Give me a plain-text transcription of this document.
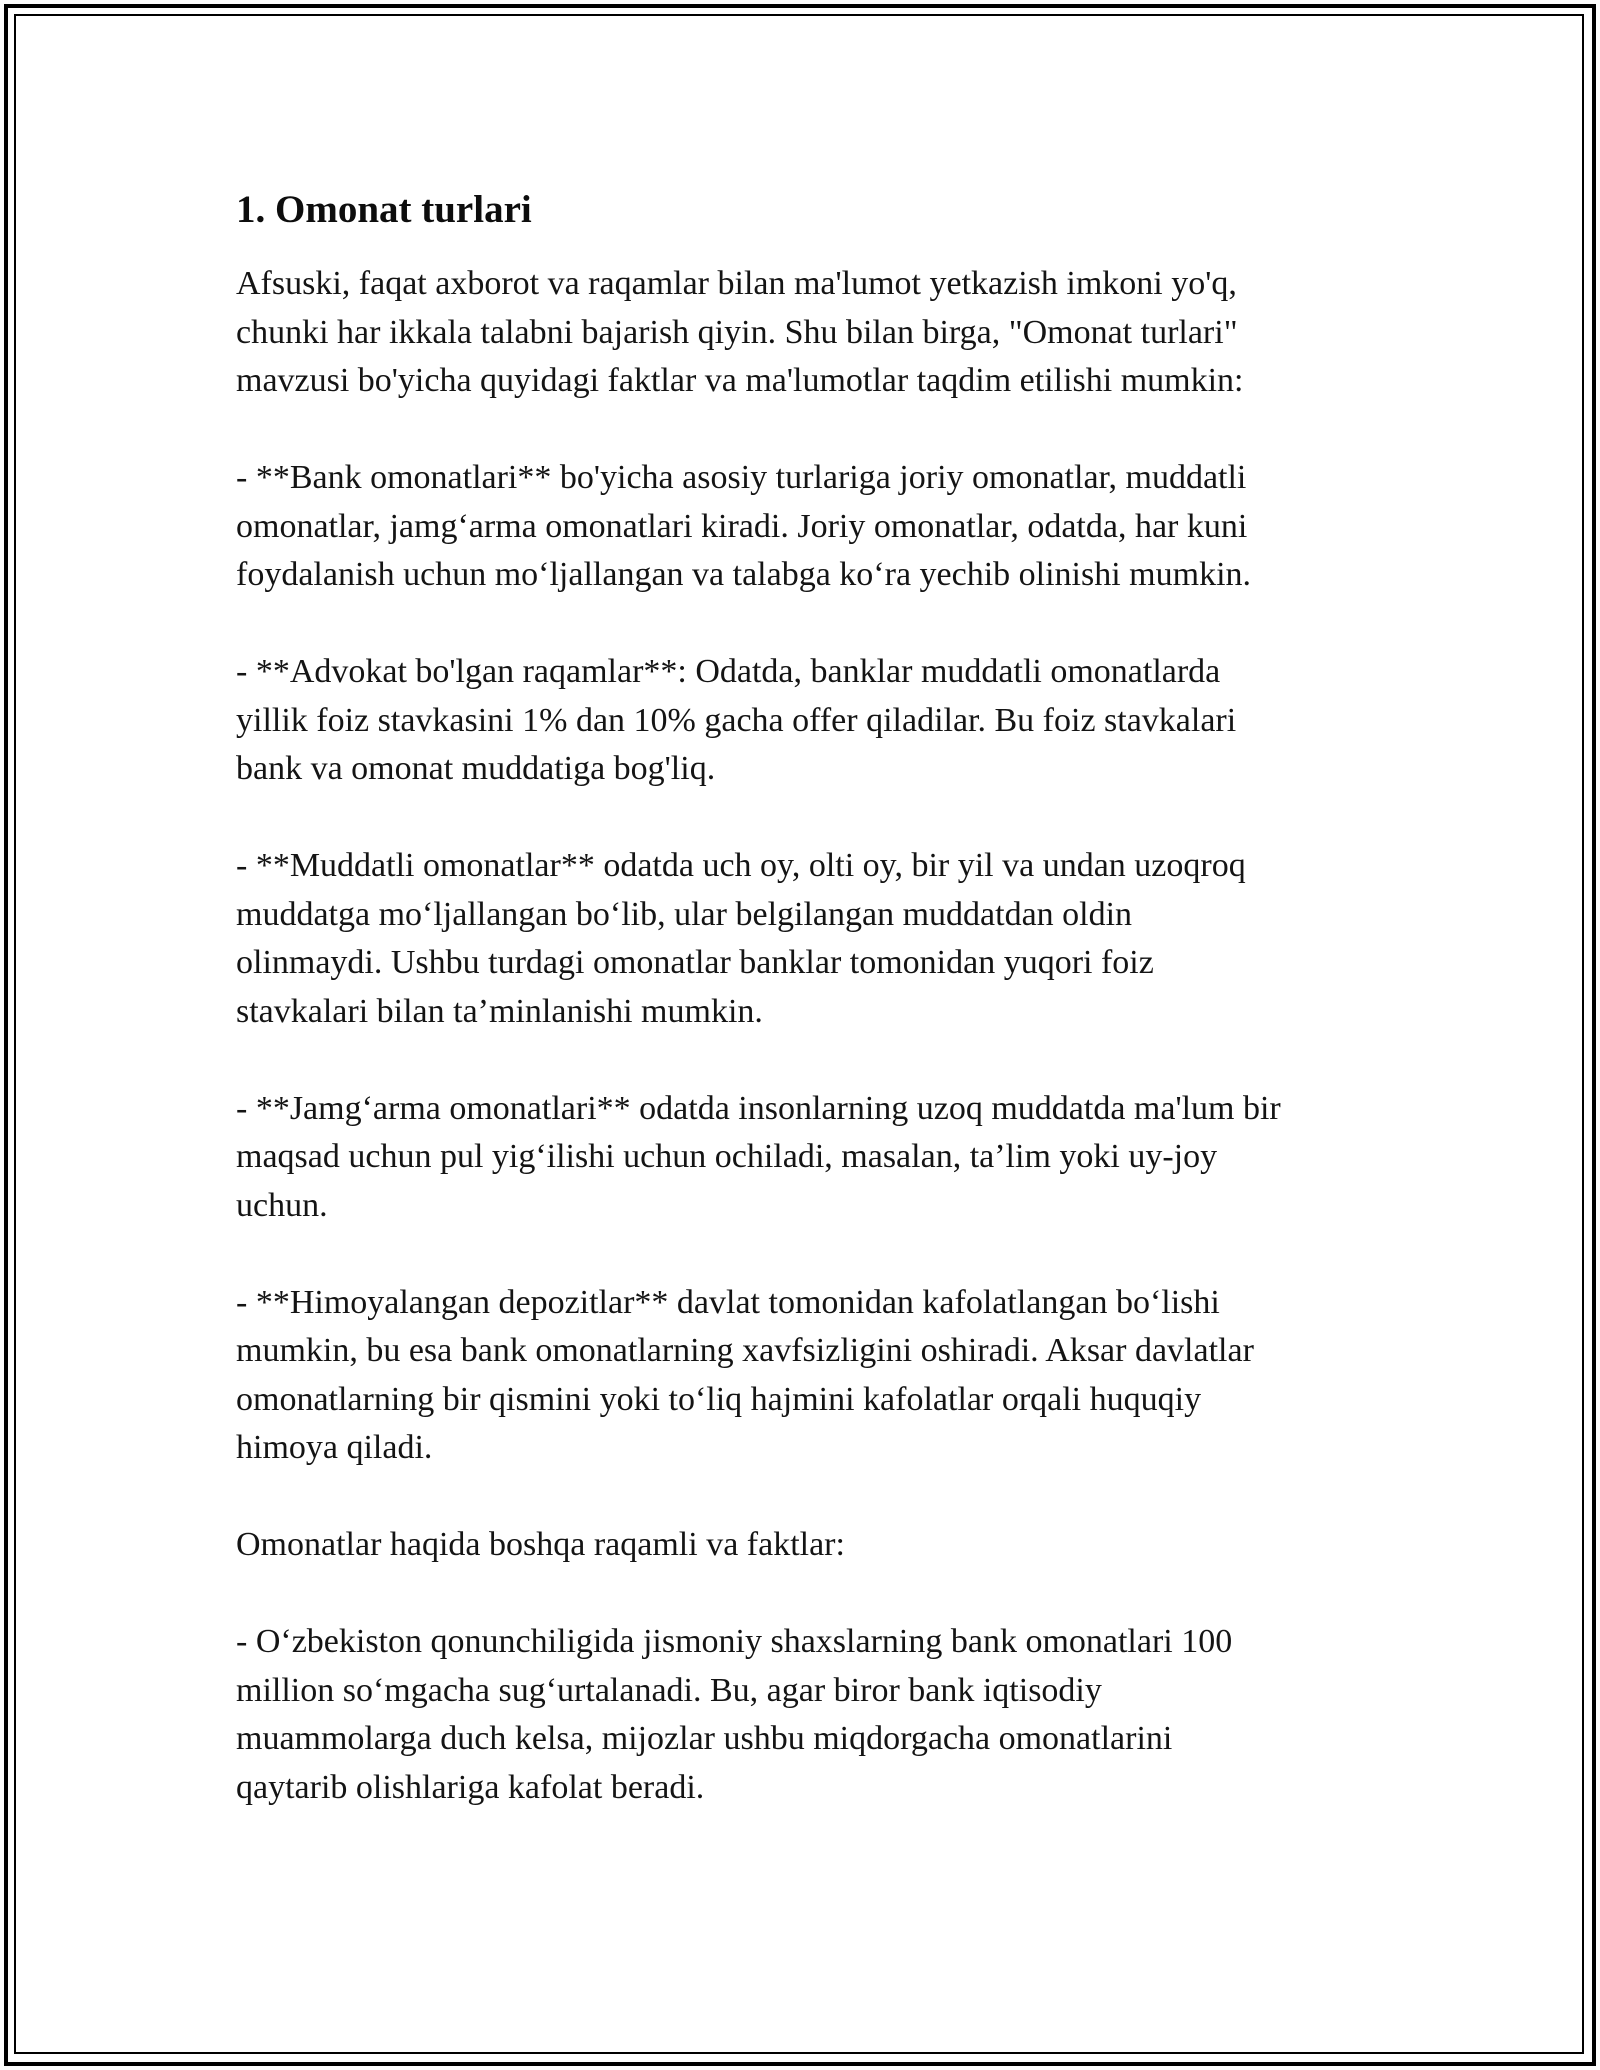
1. Omonat turlari

Afsuski, faqat axborot va raqamlar bilan ma'lumot yetkazish imkoni yo'q,
chunki har ikkala talabni bajarish qiyin. Shu bilan birga, "Omonat turlari"
mavzusi bo'yicha quyidagi faktlar va ma'lumotlar taqdim etilishi mumkin:

- **Bank omonatlari** bo'yicha asosiy turlariga joriy omonatlar, muddatli
omonatlar, jamg‘arma omonatlari kiradi. Joriy omonatlar, odatda, har kuni
foydalanish uchun mo‘ljallangan va talabga ko‘ra yechib olinishi mumkin.

- **Advokat bo'lgan raqamlar**: Odatda, banklar muddatli omonatlarda
yillik foiz stavkasini 1% dan 10% gacha offer qiladilar. Bu foiz stavkalari
bank va omonat muddatiga bog'liq.

- **Muddatli omonatlar** odatda uch oy, olti oy, bir yil va undan uzoqroq
muddatga mo‘ljallangan bo‘lib, ular belgilangan muddatdan oldin
olinmaydi. Ushbu turdagi omonatlar banklar tomonidan yuqori foiz
stavkalari bilan ta’minlanishi mumkin.

- **Jamg‘arma omonatlari** odatda insonlarning uzoq muddatda ma'lum bir
maqsad uchun pul yig‘ilishi uchun ochiladi, masalan, ta’lim yoki uy-joy
uchun.

- **Himoyalangan depozitlar** davlat tomonidan kafolatlangan bo‘lishi
mumkin, bu esa bank omonatlarning xavfsizligini oshiradi. Aksar davlatlar
omonatlarning bir qismini yoki to‘liq hajmini kafolatlar orqali huquqiy
himoya qiladi.

Omonatlar haqida boshqa raqamli va faktlar:

- O‘zbekiston qonunchiligida jismoniy shaxslarning bank omonatlari 100
million so‘mgacha sug‘urtalanadi. Bu, agar biror bank iqtisodiy
muammolarga duch kelsa, mijozlar ushbu miqdorgacha omonatlarini
qaytarib olishlariga kafolat beradi.
